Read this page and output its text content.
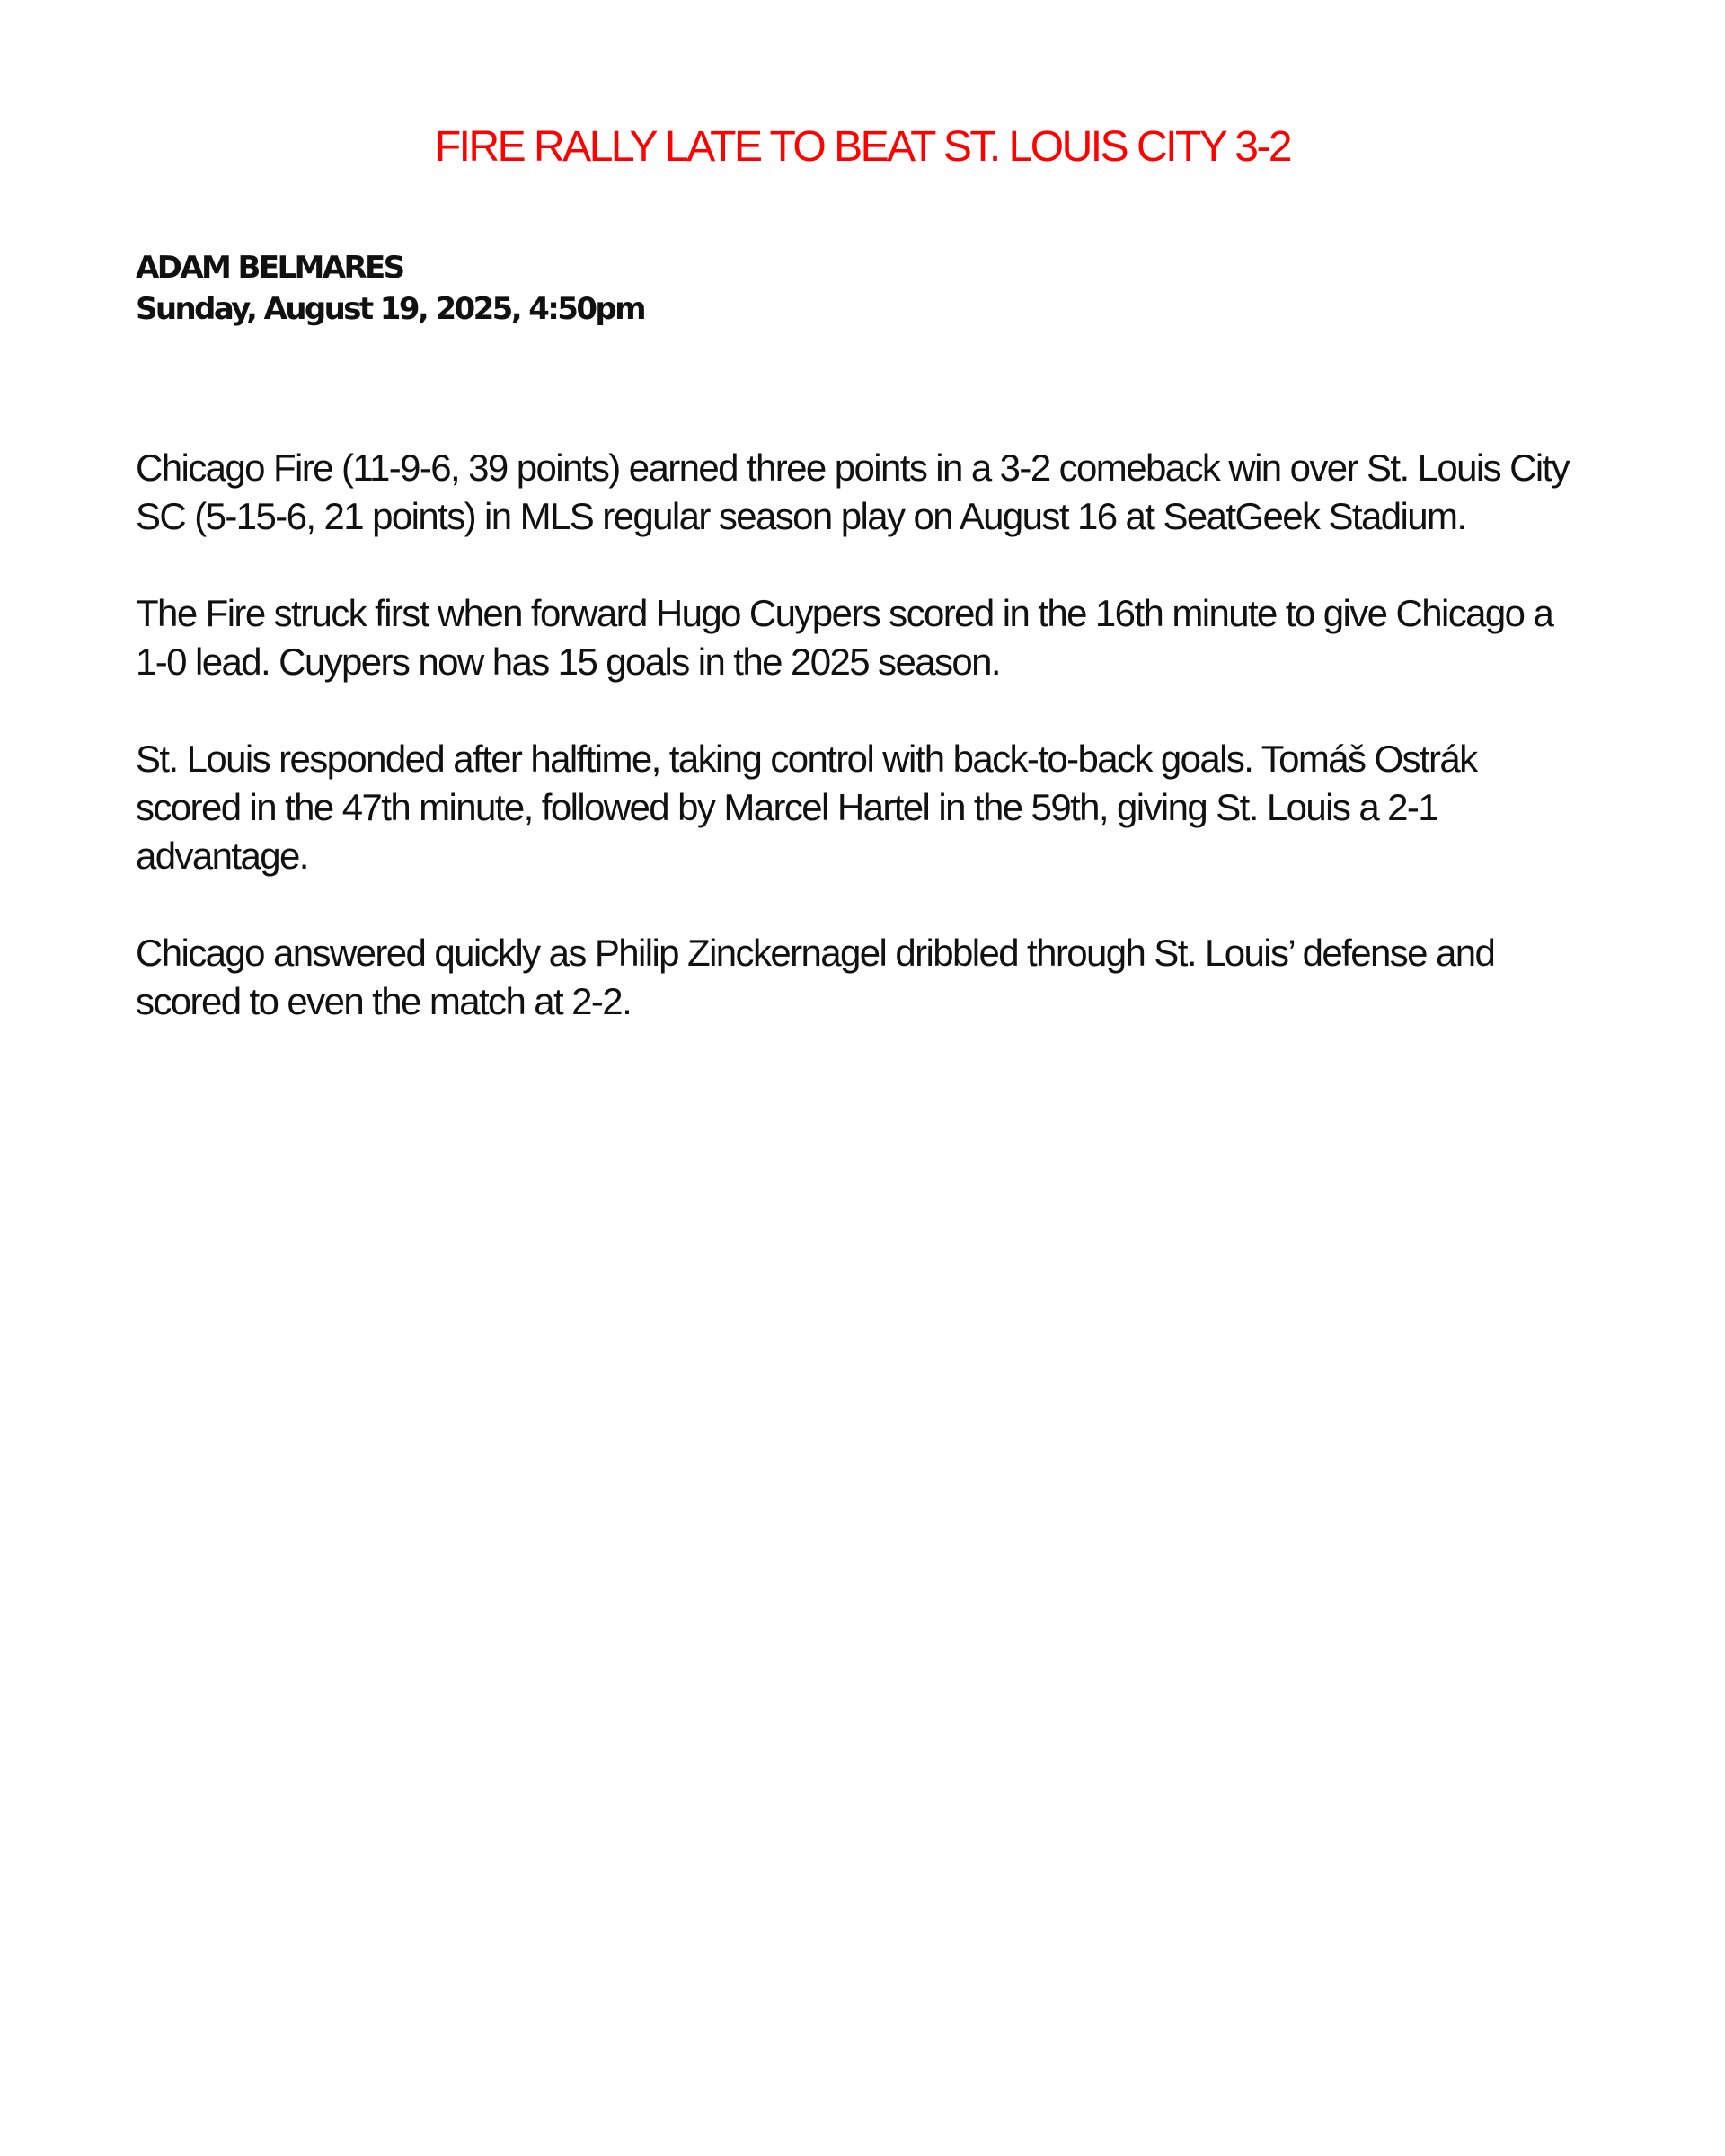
FIRE RALLY LATE TO BEAT ST. LOUIS CITY 3-2
ADAM BELMARES
Sunday, August 19, 2025, 4:50pm

Chicago Fire (11-9-6, 39 points) earned three points in a 3-2 comeback win over St. Louis City SC (5-15-6, 21 points) in MLS regular season play on August 16 at SeatGeek Stadium.

The Fire struck first when forward Hugo Cuypers scored in the 16th minute to give Chicago a 1-0 lead. Cuypers now has 15 goals in the 2025 season.

St. Louis responded after halftime, taking control with back-to-back goals. Tomáš Ostrák scored in the 47th minute, followed by Marcel Hartel in the 59th, giving St. Louis a 2-1 advantage.

Chicago answered quickly as Philip Zinckernagel dribbled through St. Louis’ defense and scored to even the match at 2-2.
